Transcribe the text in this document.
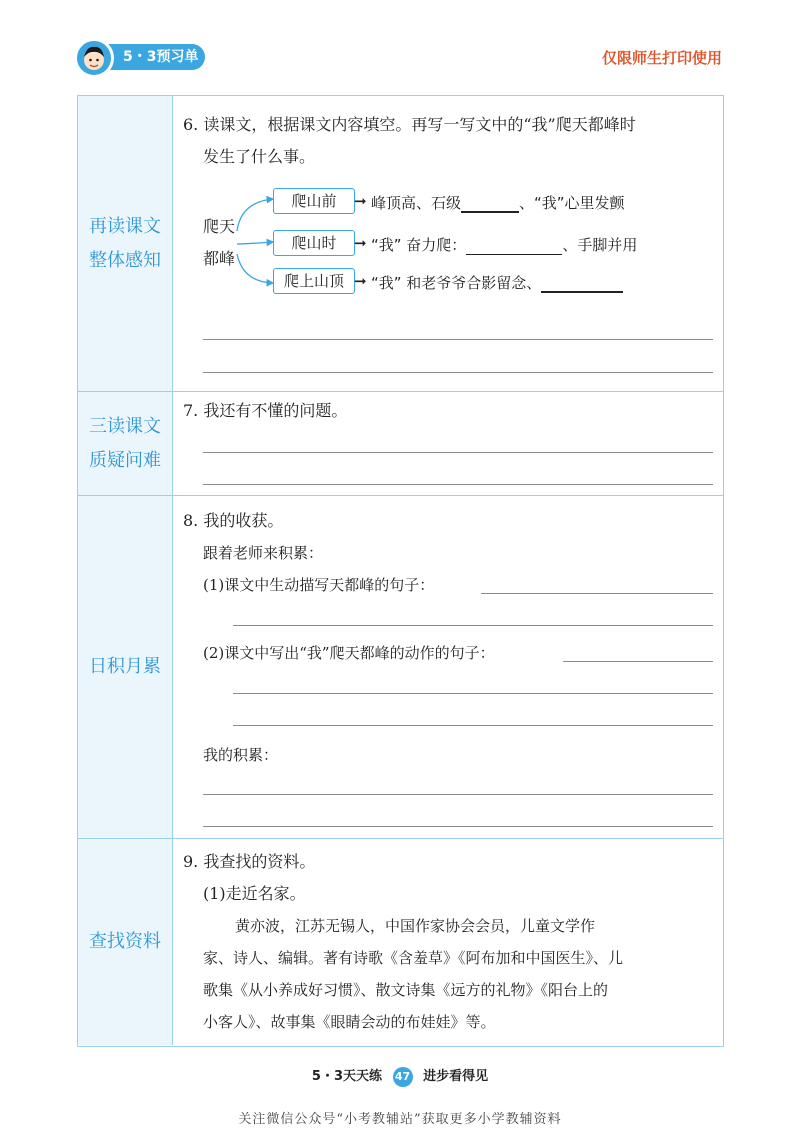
5・3预习单	仅限师生打印使用
再读课文
整体感知
6. 读课文，根据课文内容填空。再写一写文中的“我”爬天都峰时
发生了什么事。
爬天
都峰
爬山前	➞ 峰顶高、石级	、“我”心里发颤
爬山时	➞ “我” 奋力爬：	、手脚并用
爬上山顶 ➞ “我” 和老爷爷合影留念、
三读课文
质疑问难
7. 我还有不懂的问题。
日积月累
8. 我的收获。
跟着老师来积累：
(1)课文中生动描写天都峰的句子：
(2)课文中写出“我”爬天都峰的动作的句子：
我的积累：
查找资料
9. 我查找的资料。
(1)走近名家。
黄亦波，江苏无锡人，中国作家协会会员，儿童文学作
家、诗人、编辑。著有诗歌《含羞草》《阿布加和中国医生》、儿
歌集《从小养成好习惯》、散文诗集《远方的礼物》《阳台上的
小客人》、故事集《眼睛会动的布娃娃》等。
5・3天天练 47 进步看得见
关注微信公众号“小考教辅站”获取更多小学教辅资料
